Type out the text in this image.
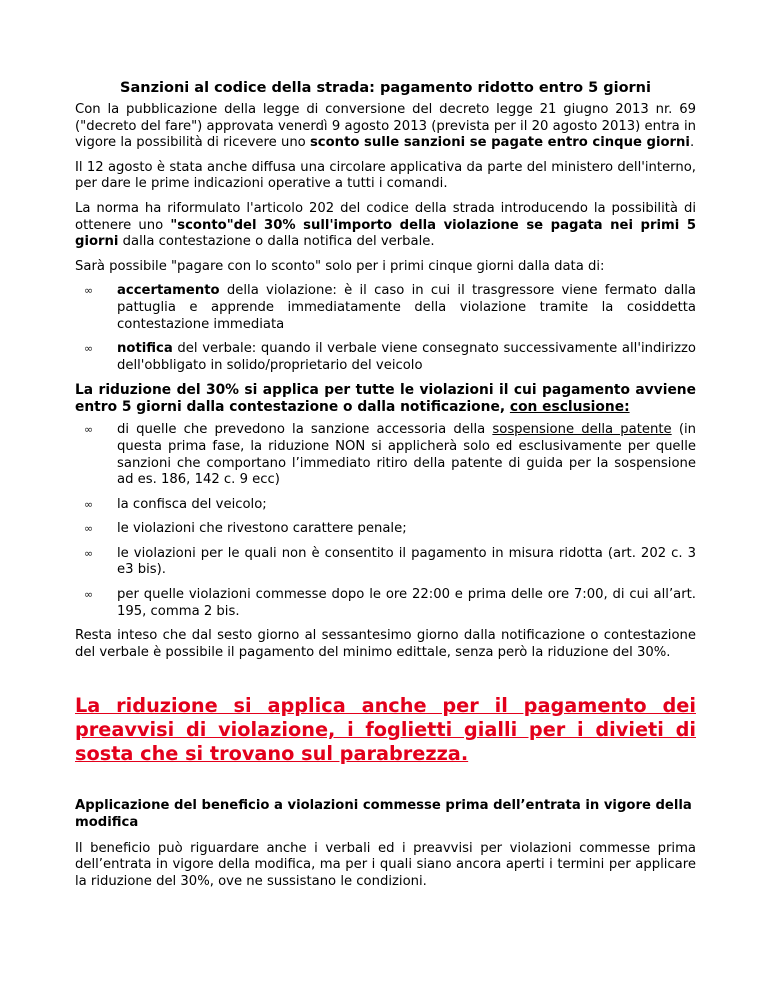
Sanzioni al codice della strada: pagamento ridotto entro 5 giorni

Con la pubblicazione della legge di conversione del decreto legge 21 giugno 2013 nr. 69 ("decreto del fare") approvata venerdì 9 agosto 2013 (prevista per il 20 agosto 2013) entra in vigore la possibilità di ricevere uno sconto sulle sanzioni se pagate entro cinque giorni.

Il 12 agosto è stata anche diffusa una circolare applicativa da parte del ministero dell'interno, per dare le prime indicazioni operative a tutti i comandi.

La norma ha riformulato l'articolo 202 del codice della strada introducendo la possibilità di ottenere uno "sconto"del 30% sull'importo della violazione se pagata nei primi 5 giorni dalla contestazione o dalla notifica del verbale.

Sarà possibile "pagare con lo sconto" solo per i primi cinque giorni dalla data di:

∞ accertamento della violazione: è il caso in cui il trasgressore viene fermato dalla pattuglia e apprende immediatamente della violazione tramite la cosiddetta contestazione immediata
∞ notifica del verbale: quando il verbale viene consegnato successivamente all'indirizzo dell'obbligato in solido/proprietario del veicolo

La riduzione del 30% si applica per tutte le violazioni il cui pagamento avviene entro 5 giorni dalla contestazione o dalla notificazione, con esclusione:

∞ di quelle che prevedono la sanzione accessoria della sospensione della patente (in questa prima fase, la riduzione NON si applicherà solo ed esclusivamente per quelle sanzioni che comportano l’immediato ritiro della patente di guida per la sospensione ad es. 186, 142 c. 9 ecc)
∞ la confisca del veicolo;
∞ le violazioni che rivestono carattere penale;
∞ le violazioni per le quali non è consentito il pagamento in misura ridotta (art. 202 c. 3 e3 bis).
∞ per quelle violazioni commesse dopo le ore 22:00 e prima delle ore 7:00, di cui all’art. 195, comma 2 bis.

Resta inteso che dal sesto giorno al sessantesimo giorno dalla notificazione o contestazione del verbale è possibile il pagamento del minimo edittale, senza però la riduzione del 30%.

La riduzione si applica anche per il pagamento dei preavvisi di violazione, i foglietti gialli per i divieti di sosta che si trovano sul parabrezza.
Applicazione del beneficio a violazioni commesse prima dell’entrata in vigore della modifica

Il beneficio può riguardare anche i verbali ed i preavvisi per violazioni commesse prima dell’entrata in vigore della modifica, ma per i quali siano ancora aperti i termini per applicare la riduzione del 30%, ove ne sussistano le condizioni.
